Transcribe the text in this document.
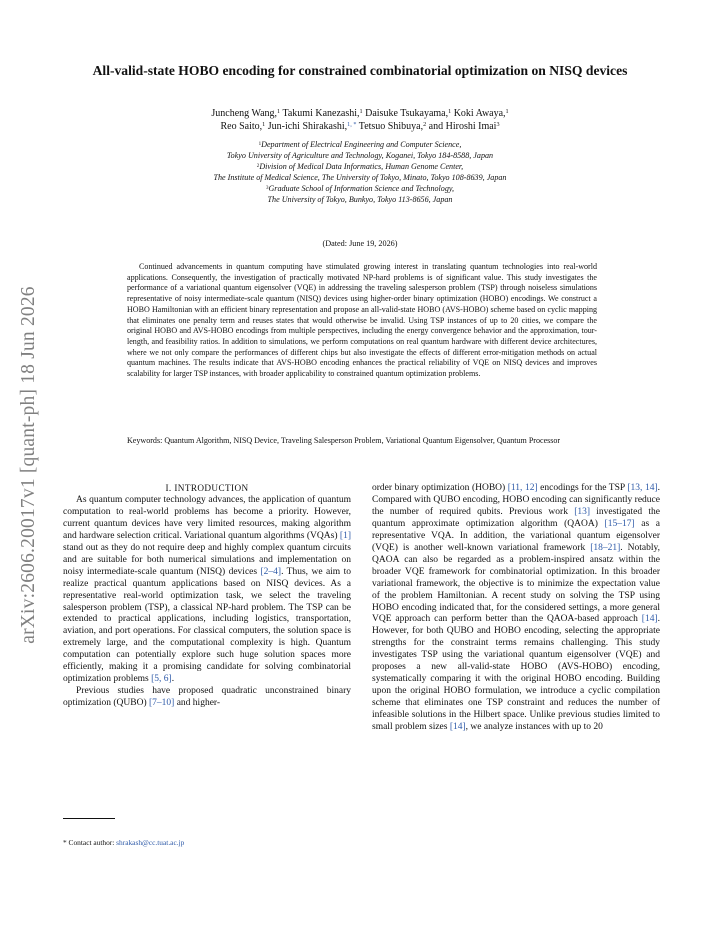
arXiv:2606.20017v1 [quant-ph] 18 Jun 2026
All-valid-state HOBO encoding for constrained combinatorial optimization on NISQ devices
Juncheng Wang,$^1$ Takumi Kanezashi,$^1$ Daisuke Tsukayama,$^1$ Koki Awaya,$^1$
Reo Saito,$^1$ Jun-ichi Shirakashi,$^{1, *}$ Tetsuo Shibuya,$^2$ and Hiroshi Imai$^3$
$^1$Department of Electrical Engineering and Computer Science,
Tokyo University of Agriculture and Technology, Koganei, Tokyo 184-8588, Japan
$^2$Division of Medical Data Informatics, Human Genome Center,
The Institute of Medical Science, The University of Tokyo, Minato, Tokyo 108-8639, Japan
$^3$Graduate School of Information Science and Technology,
The University of Tokyo, Bunkyo, Tokyo 113-8656, Japan
(Dated: June 19, 2026)

Continued advancements in quantum computing have stimulated growing interest in translating quantum technologies into real-world applications. Consequently, the investigation of practically motivated NP-hard problems is of significant value. This study investigates the performance of a variational quantum eigensolver (VQE) in addressing the traveling salesperson problem (TSP) through noiseless simulations representative of noisy intermediate-scale quantum (NISQ) devices using higher-order binary optimization (HOBO) encodings. We construct a HOBO Hamiltonian with an efficient binary representation and propose an all-valid-state HOBO (AVS-HOBO) scheme based on cyclic mapping that eliminates one penalty term and reuses states that would otherwise be invalid. Using TSP instances of up to 20 cities, we compare the original HOBO and AVS-HOBO encodings from multiple perspectives, including the energy convergence behavior and the approximation, tour-length, and feasibility ratios. In addition to simulations, we perform computations on real quantum hardware with different device architectures, where we not only compare the performances of different chips but also investigate the effects of different error-mitigation methods on actual quantum machines. The results indicate that AVS-HOBO encoding enhances the practical reliability of VQE on NISQ devices and improves scalability for larger TSP instances, with broader applicability to constrained quantum optimization problems.

Keywords: Quantum Algorithm, NISQ Device, Traveling Salesperson Problem, Variational Quantum Eigensolver, Quantum Processor

I. INTRODUCTION

As quantum computer technology advances, the application of quantum computation to real-world problems has become a priority. However, current quantum devices have very limited resources, making algorithm and hardware selection critical. Variational quantum algorithms (VQAs) [1] stand out as they do not require deep and highly complex quantum circuits and are suitable for both numerical simulations and implementation on noisy intermediate-scale quantum (NISQ) devices [2–4]. Thus, we aim to realize practical quantum applications based on NISQ devices. As a representative real-world optimization task, we select the traveling salesperson problem (TSP), a classical NP-hard problem. The TSP can be extended to practical applications, including logistics, transportation, aviation, and port operations. For classical computers, the solution space is extremely large, and the computational complexity is high. Quantum computation can potentially explore such huge solution spaces more efficiently, making it a promising candidate for solving combinatorial optimization problems [5, 6].

Previous studies have proposed quadratic unconstrained binary optimization (QUBO) [7–10] and higher-

order binary optimization (HOBO) [11, 12] encodings for the TSP [13, 14]. Compared with QUBO encoding, HOBO encoding can significantly reduce the number of required qubits. Previous work [13] investigated the quantum approximate optimization algorithm (QAOA) [15–17] as a representative VQA. In addition, the variational quantum eigensolver (VQE) is another well-known variational framework [18–21]. Notably, QAOA can also be regarded as a problem-inspired ansatz within the broader VQE framework for combinatorial optimization. In this broader variational framework, the objective is to minimize the expectation value of the problem Hamiltonian. A recent study on solving the TSP using HOBO encoding indicated that, for the considered settings, a more general VQE approach can perform better than the QAOA-based approach [14]. However, for both QUBO and HOBO encoding, selecting the appropriate strengths for the constraint terms remains challenging. This study investigates TSP using the variational quantum eigensolver (VQE) and proposes a new all-valid-state HOBO (AVS-HOBO) encoding, systematically comparing it with the original HOBO encoding. Building upon the original HOBO formulation, we introduce a cyclic compilation scheme that eliminates one TSP constraint and reduces the number of infeasible solutions in the Hilbert space. Unlike previous studies limited to small problem sizes [14], we analyze instances with up to 20

* Contact author: shrakash@cc.tuat.ac.jp
